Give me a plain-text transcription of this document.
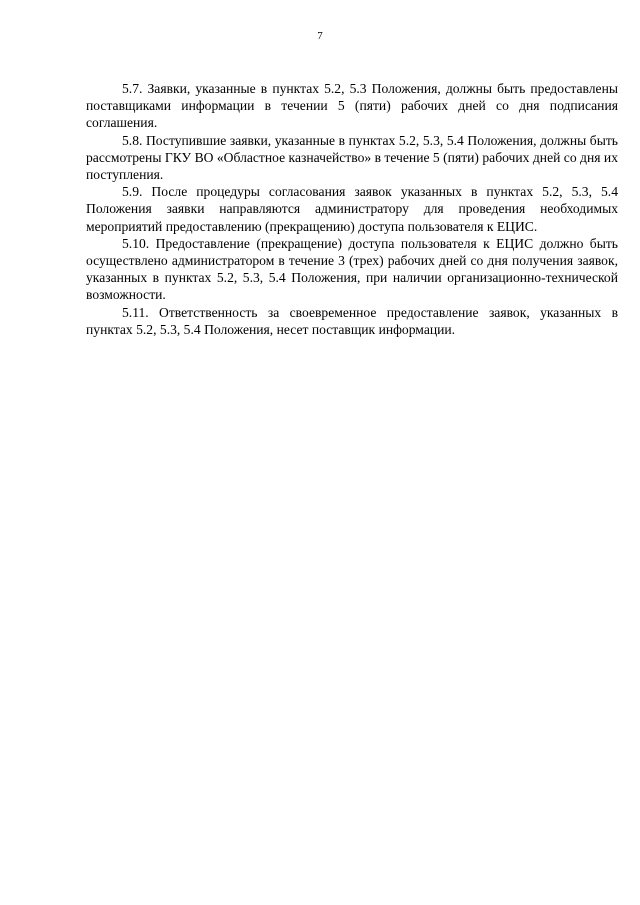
7

5.7. Заявки, указанные в пунктах 5.2, 5.3 Положения, должны быть предоставлены поставщиками информации в течении 5 (пяти) рабочих дней со дня подписания соглашения.

5.8. Поступившие заявки, указанные в пунктах 5.2, 5.3, 5.4 Положения, должны быть рассмотрены ГКУ ВО «Областное казначейство» в течение 5 (пяти) рабочих дней со дня их поступления.

5.9. После процедуры согласования заявок указанных в пунктах 5.2, 5.3, 5.4 Положения заявки направляются администратору для проведения необходимых мероприятий предоставлению (прекращению) доступа пользователя к ЕЦИС.

5.10. Предоставление (прекращение) доступа пользователя к ЕЦИС должно быть осуществлено администратором в течение 3 (трех) рабочих дней со дня получения заявок, указанных в пунктах 5.2, 5.3, 5.4 Положения, при наличии организационно-технической возможности.

5.11. Ответственность за своевременное предоставление заявок, указанных в пунктах 5.2, 5.3, 5.4 Положения, несет поставщик информации.
